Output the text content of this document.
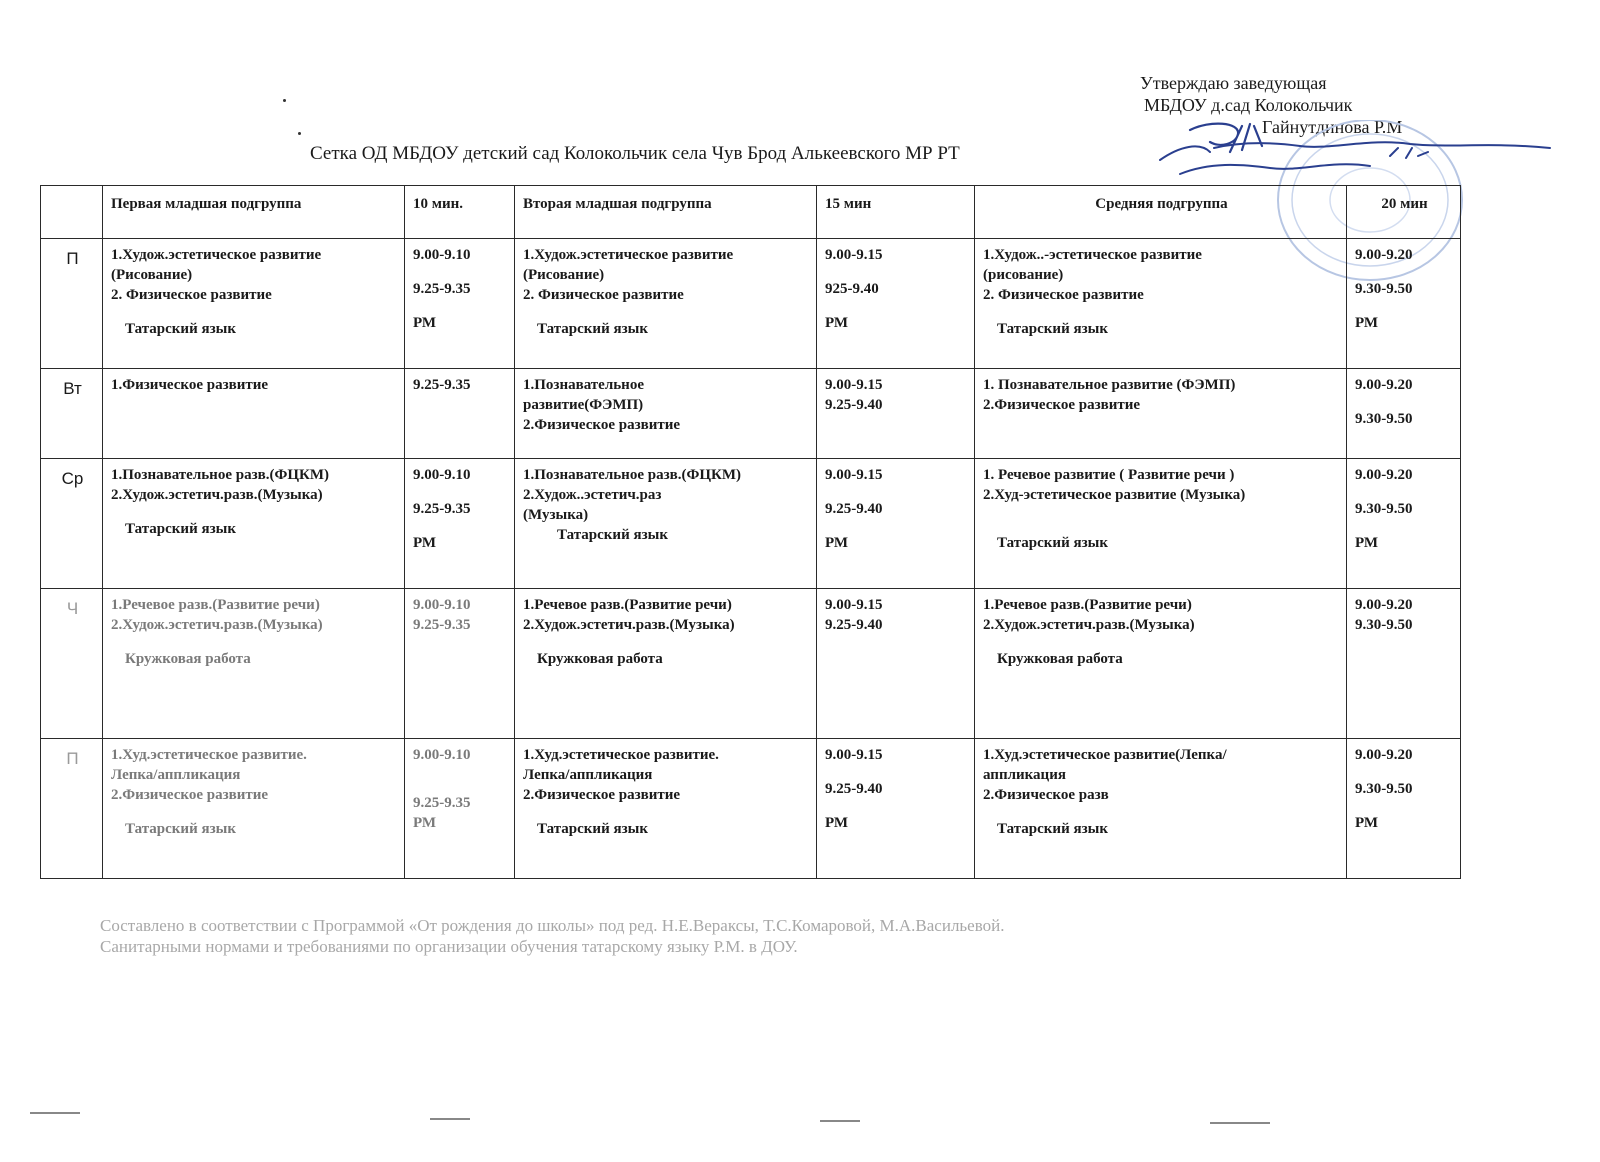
Утверждаю заведующая
МБДОУ д.сад Колокольчик
Гайнутдинова Р.М
Сетка ОД МБДОУ детский сад Колокольчик села Чув Брод Алькеевского МР РТ
	Первая младшая подгруппа	10 мин.	Вторая младшая подгруппа	15 мин	Средняя подгруппа	20 мин
П	1.Худож.эстетическое развитие
(Рисование)
2. Физическое развитие
Татарский язык	9.00-9.10
9.25-9.35
РМ	1.Худож.эстетическое развитие
(Рисование)
2. Физическое развитие
Татарский язык	9.00-9.15
925-9.40
РМ	1.Худож..-эстетическое развитие
(рисование)
2. Физическое развитие
Татарский язык	9.00-9.20
9.30-9.50
РМ

Вт	1.Физическое развитие	9.25-9.35	1.Познавательное
развитие(ФЭМП)
2.Физическое развитие	9.00-9.15
9.25-9.40	1. Познавательное развитие (ФЭМП)
2.Физическое развитие	9.00-9.20
9.30-9.50

Ср	1.Познавательное разв.(ФЦКМ)
2.Худож.эстетич.разв.(Музыка)
Татарский язык	9.00-9.10
9.25-9.35
РМ	1.Познавательное разв.(ФЦКМ)
2.Худож..эстетич.раз
(Музыка)
Татарский язык	9.00-9.15
9.25-9.40
РМ	1. Речевое развитие ( Развитие речи )
2.Худ-эстетическое развитие (Музыка)
Татарский язык	9.00-9.20
9.30-9.50
РМ

Ч	1.Речевое разв.(Развитие речи)
2.Худож.эстетич.разв.(Музыка)
Кружковая работа	9.00-9.10
9.25-9.35	1.Речевое разв.(Развитие речи)
2.Худож.эстетич.разв.(Музыка)
Кружковая работа	9.00-9.15
9.25-9.40	1.Речевое разв.(Развитие речи)
2.Худож.эстетич.разв.(Музыка)
Кружковая работа	9.00-9.20
9.30-9.50

П	1.Худ.эстетическое развитие.
Лепка/аппликация
2.Физическое развитие
Татарский язык	9.00-9.10
9.25-9.35
РМ	1.Худ.эстетическое развитие.
Лепка/аппликация
2.Физическое развитие
Татарский язык	9.00-9.15
9.25-9.40
РМ	1.Худ.эстетическое развитие(Лепка/
аппликация
2.Физическое разв
Татарский язык	9.00-9.20
9.30-9.50
РМ
Составлено в соответствии с Программой «От рождения до школы» под ред. Н.Е.Вераксы, Т.С.Комаровой, М.А.Васильевой.
Санитарными нормами и требованиями по организации обучения татарскому языку Р.М. в ДОУ.
